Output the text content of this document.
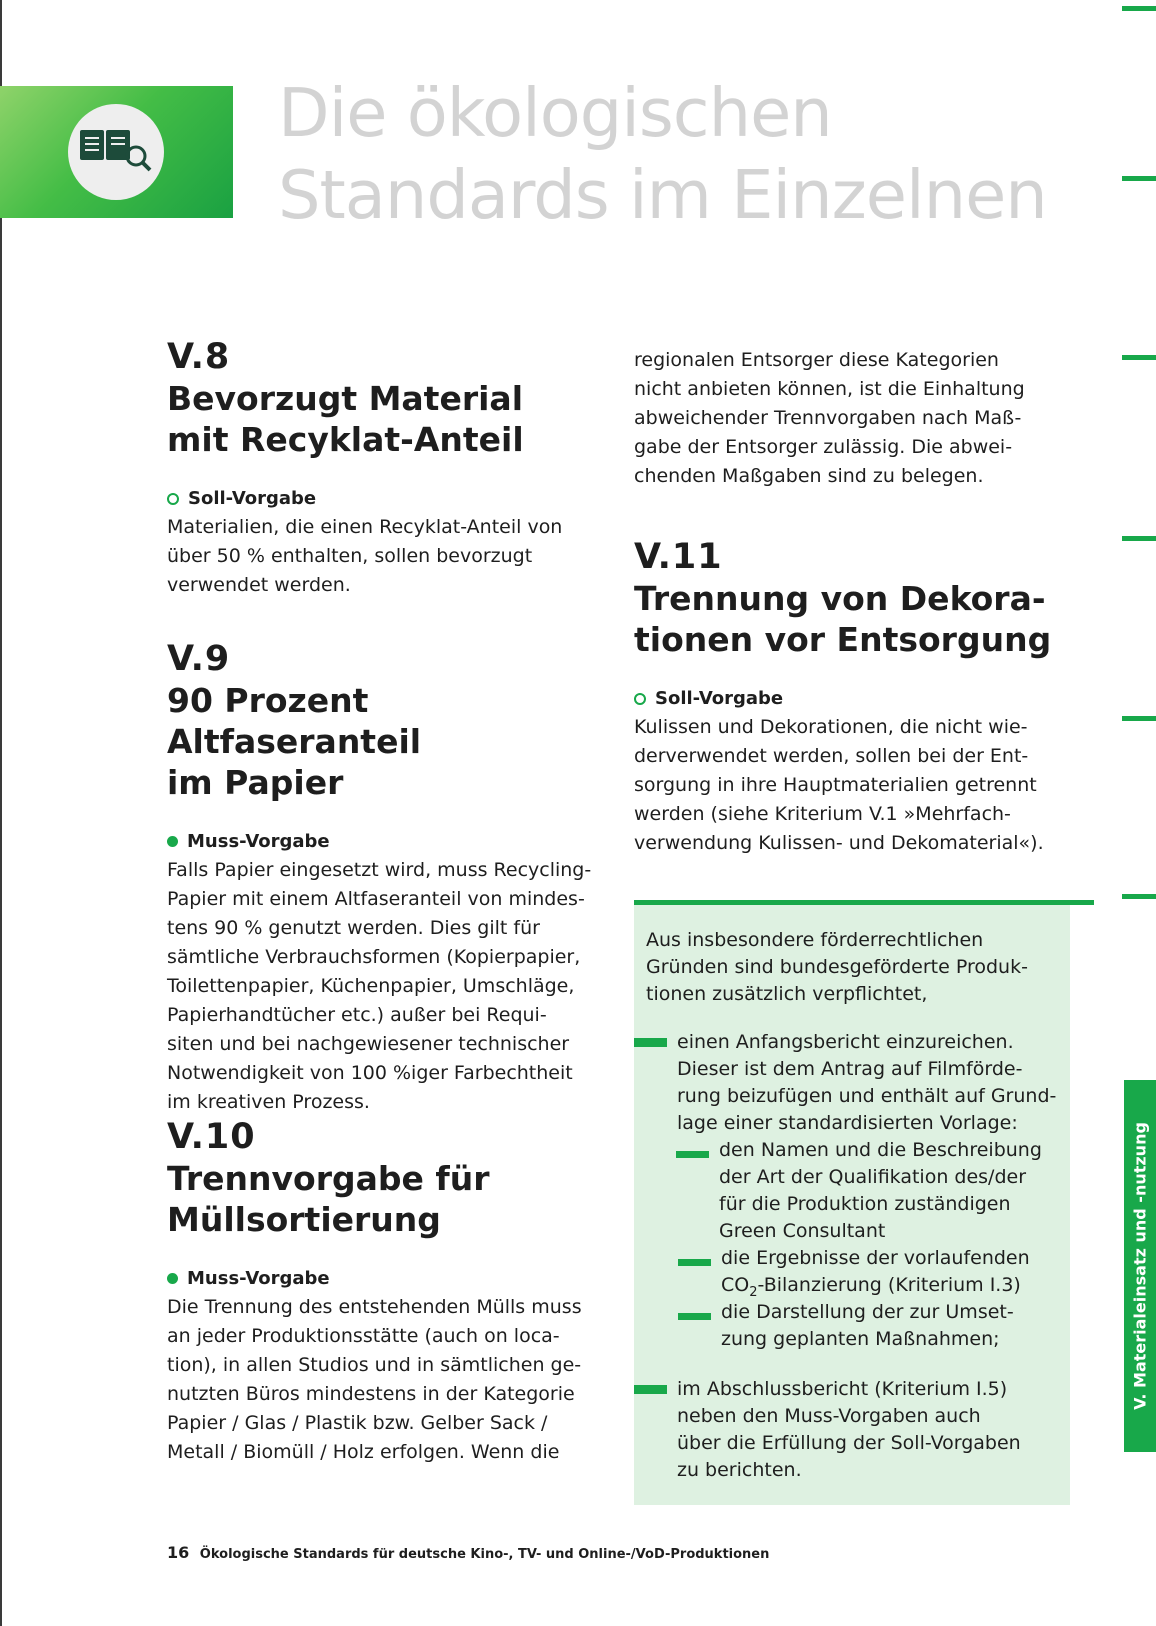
Die ökologischen
Standards im Einzelnen
V. Materialeinsatz und -nutzung

V.8

Bevorzugt Material
mit Recyklat-Anteil

Soll-Vorgabe

Materialien, die einen Recyklat-Anteil von
über 50 % enthalten, sollen bevorzugt
verwendet werden.

V.9

90 Prozent Altfaseranteil
im Papier

Muss-Vorgabe

Falls Papier eingesetzt wird, muss Recycling-
Papier mit einem Altfaseranteil von mindes-
tens 90 % genutzt werden. Dies gilt für
sämtliche Verbrauchsformen (Kopierpapier,
Toilettenpapier, Küchenpapier, Umschläge,
Papierhandtücher etc.) außer bei Requi-
siten und bei nachgewiesener technischer
Notwendigkeit von 100 %iger Farbechtheit
im kreativen Prozess.

V.10

Trennvorgabe für
Müllsortierung

Muss-Vorgabe

Die Trennung des entstehenden Mülls muss
an jeder Produktionsstätte (auch on loca-
tion), in allen Studios und in sämtlichen ge-
nutzten Büros mindestens in der Kategorie
Papier / Glas / Plastik bzw. Gelber Sack /
Metall / Biomüll / Holz erfolgen. Wenn die

regionalen Entsorger diese Kategorien
nicht anbieten können, ist die Einhaltung
abweichender Trennvorgaben nach Maß-
gabe der Entsorger zulässig. Die abwei-
chenden Maßgaben sind zu belegen.

V.11

Trennung von Dekora-
tionen vor Entsorgung

Soll-Vorgabe

Kulissen und Dekorationen, die nicht wie-
derverwendet werden, sollen bei der Ent-
sorgung in ihre Hauptmaterialien getrennt
werden (siehe Kriterium V.1 »Mehrfach-
verwendung Kulissen- und Dekomaterial«).

Aus insbesondere förderrechtlichen
Gründen sind bundesgeförderte Produk-
tionen zusätzlich verpflichtet,

einen Anfangsbericht einzureichen.
Dieser ist dem Antrag auf Filmförde-
rung beizufügen und enthält auf Grund-
lage einer standardisierten Vorlage:

den Namen und die Beschreibung
der Art der Qualifikation des/der
für die Produktion zuständigen
Green Consultant

die Ergebnisse der vorlaufenden
$CO_2$-Bilanzierung (Kriterium I.3)

die Darstellung der zur Umset-
zung geplanten Maßnahmen;

im Abschlussbericht (Kriterium I.5)
neben den Muss-Vorgaben auch
über die Erfüllung der Soll-Vorgaben
zu berichten.

16 Ökologische Standards für deutsche Kino-, TV- und Online-/VoD-Produktionen
